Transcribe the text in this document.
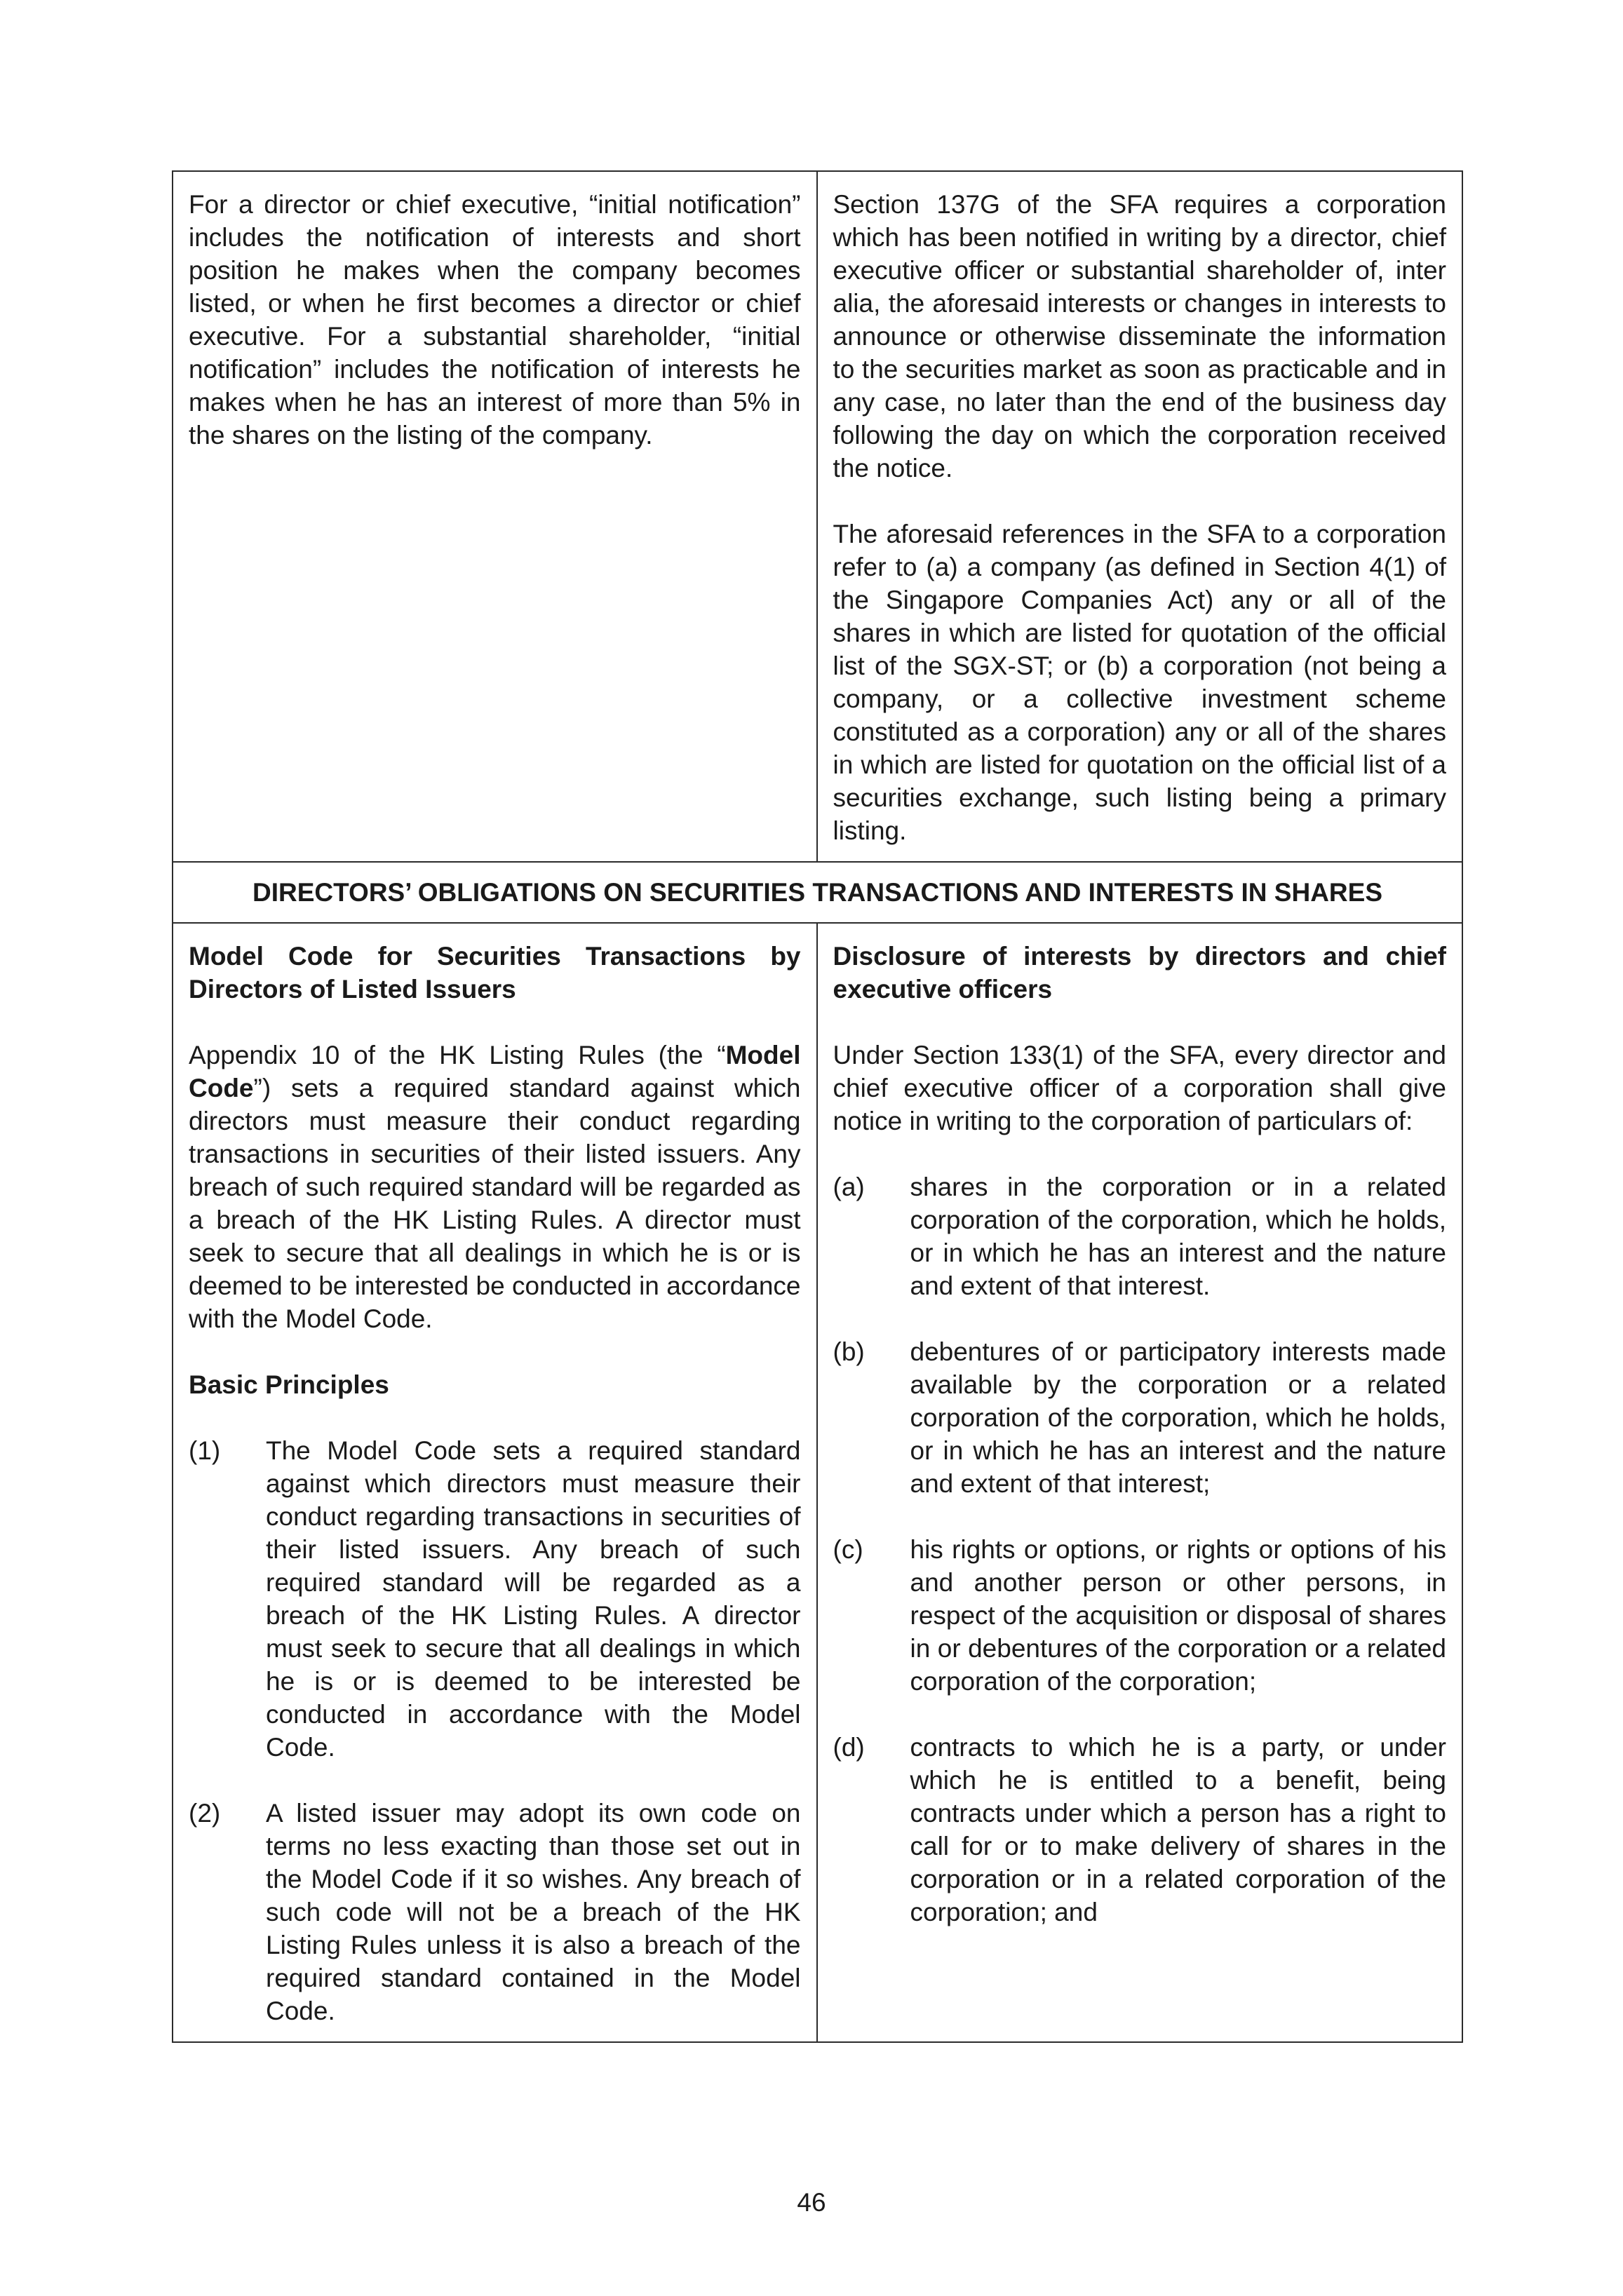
For a director or chief executive, “initial notification” includes the notification of interests and short position he makes when the company becomes listed, or when he first becomes a director or chief executive. For a substantial shareholder, “initial notification” includes the notification of interests he makes when he has an interest of more than 5% in the shares on the listing of the company.

Section 137G of the SFA requires a corporation which has been notified in writing by a director, chief executive officer or substantial shareholder of, inter alia, the aforesaid interests or changes in interests to announce or otherwise disseminate the information to the securities market as soon as practicable and in any case, no later than the end of the business day following the day on which the corporation received the notice.

The aforesaid references in the SFA to a corporation refer to (a) a company (as defined in Section 4(1) of the Singapore Companies Act) any or all of the shares in which are listed for quotation of the official list of the SGX-ST; or (b) a corporation (not being a company, or a collective investment scheme constituted as a corporation) any or all of the shares in which are listed for quotation on the official list of a securities exchange, such listing being a primary listing.

DIRECTORS’ OBLIGATIONS ON SECURITIES TRANSACTIONS AND INTERESTS IN SHARES

Model Code for Securities Transactions by Directors of Listed Issuers

Appendix 10 of the HK Listing Rules (the “Model Code”) sets a required standard against which directors must measure their conduct regarding transactions in securities of their listed issuers. Any breach of such required standard will be regarded as a breach of the HK Listing Rules. A director must seek to secure that all dealings in which he is or is deemed to be interested be conducted in accordance with the Model Code.

Basic Principles

(1)	The Model Code sets a required standard against which directors must measure their conduct regarding transactions in securities of their listed issuers. Any breach of such required standard will be regarded as a breach of the HK Listing Rules. A director must seek to secure that all dealings in which he is or is deemed to be interested be conducted in accordance with the Model Code.
(2)	A listed issuer may adopt its own code on terms no less exacting than those set out in the Model Code if it so wishes. Any breach of such code will not be a breach of the HK Listing Rules unless it is also a breach of the required standard contained in the Model Code.

Disclosure of interests by directors and chief executive officers

Under Section 133(1) of the SFA, every director and chief executive officer of a corporation shall give notice in writing to the corporation of particulars of:

(a)	shares in the corporation or in a related corporation of the corporation, which he holds, or in which he has an interest and the nature and extent of that interest.
(b)	debentures of or participatory interests made available by the corporation or a related corporation of the corporation, which he holds, or in which he has an interest and the nature and extent of that interest;
(c)	his rights or options, or rights or options of his and another person or other persons, in respect of the acquisition or disposal of shares in or debentures of the corporation or a related corporation of the corporation;
(d)	contracts to which he is a party, or under which he is entitled to a benefit, being contracts under which a person has a right to call for or to make delivery of shares in the corporation or in a related corporation of the corporation; and
46
